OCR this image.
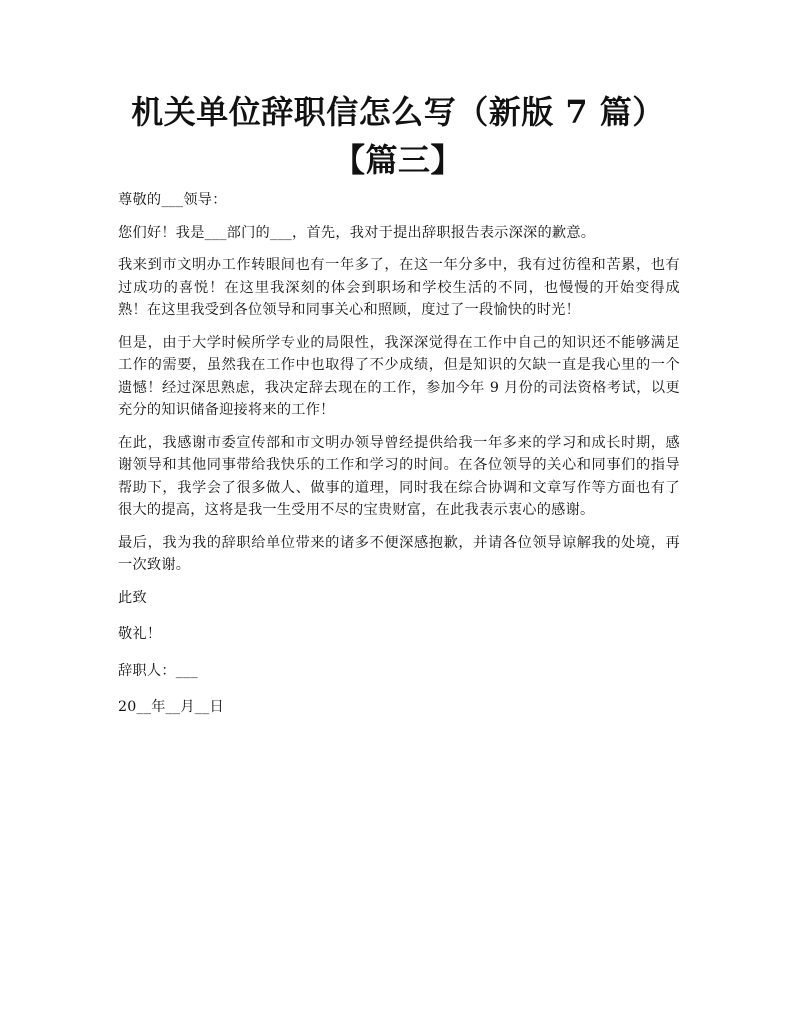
机关单位辞职信怎么写（新版 7 篇）【篇三】

尊敬的___领导：

您们好！我是___部门的___，首先，我对于提出辞职报告表示深深的歉意。

我来到市文明办工作转眼间也有一年多了，在这一年分多中，我有过彷徨和苦累，也有过成功的喜悦！在这里我深刻的体会到职场和学校生活的不同，也慢慢的开始变得成熟！在这里我受到各位领导和同事关心和照顾，度过了一段愉快的时光！

但是，由于大学时候所学专业的局限性，我深深觉得在工作中自己的知识还不能够满足工作的需要，虽然我在工作中也取得了不少成绩，但是知识的欠缺一直是我心里的一个遗憾！经过深思熟虑，我决定辞去现在的工作，参加今年 9 月份的司法资格考试，以更充分的知识储备迎接将来的工作！

在此，我感谢市委宣传部和市文明办领导曾经提供给我一年多来的学习和成长时期，感谢领导和其他同事带给我快乐的工作和学习的时间。在各位领导的关心和同事们的指导帮助下，我学会了很多做人、做事的道理，同时我在综合协调和文章写作等方面也有了很大的提高，这将是我一生受用不尽的宝贵财富，在此我表示衷心的感谢。

最后，我为我的辞职给单位带来的诸多不便深感抱歉，并请各位领导谅解我的处境，再一次致谢。

此致

敬礼！

辞职人：___

20__年__月__日
